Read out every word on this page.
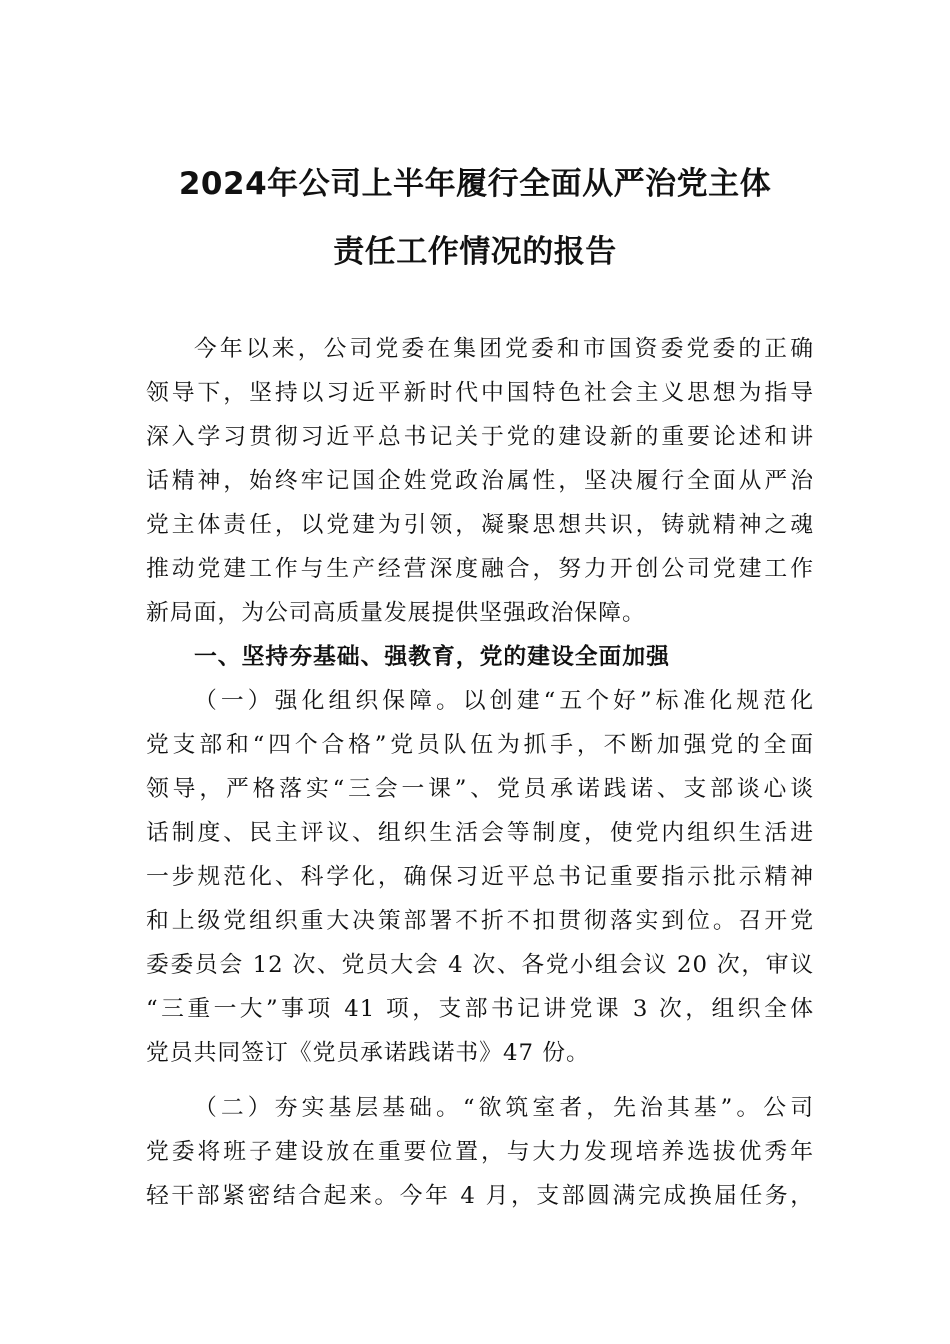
2024年公司上半年履行全面从严治党主体
责任工作情况的报告
今年以来，公司党委在集团党委和市国资委党委的正确
领导下，坚持以习近平新时代中国特色社会主义思想为指导
深入学习贯彻习近平总书记关于党的建设新的重要论述和讲
话精神，始终牢记国企姓党政治属性，坚决履行全面从严治
党主体责任，以党建为引领，凝聚思想共识，铸就精神之魂
推动党建工作与生产经营深度融合，努力开创公司党建工作
新局面，为公司高质量发展提供坚强政治保障。
一、坚持夯基础、强教育，党的建设全面加强
（一）强化组织保障。以创建“五个好”标准化规范化
党支部和“四个合格”党员队伍为抓手，不断加强党的全面
领导，严格落实“三会一课”、党员承诺践诺、支部谈心谈
话制度、民主评议、组织生活会等制度，使党内组织生活进
一步规范化、科学化，确保习近平总书记重要指示批示精神
和上级党组织重大决策部署不折不扣贯彻落实到位。召开党
委委员会 12 次、党员大会 4 次、各党小组会议 20 次，审议
“三重一大”事项 41 项，支部书记讲党课 3 次，组织全体
党员共同签订《党员承诺践诺书》47 份。
（二）夯实基层基础。“欲筑室者，先治其基”。公司
党委将班子建设放在重要位置，与大力发现培养选拔优秀年
轻干部紧密结合起来。今年 4 月，支部圆满完成换届任务，
